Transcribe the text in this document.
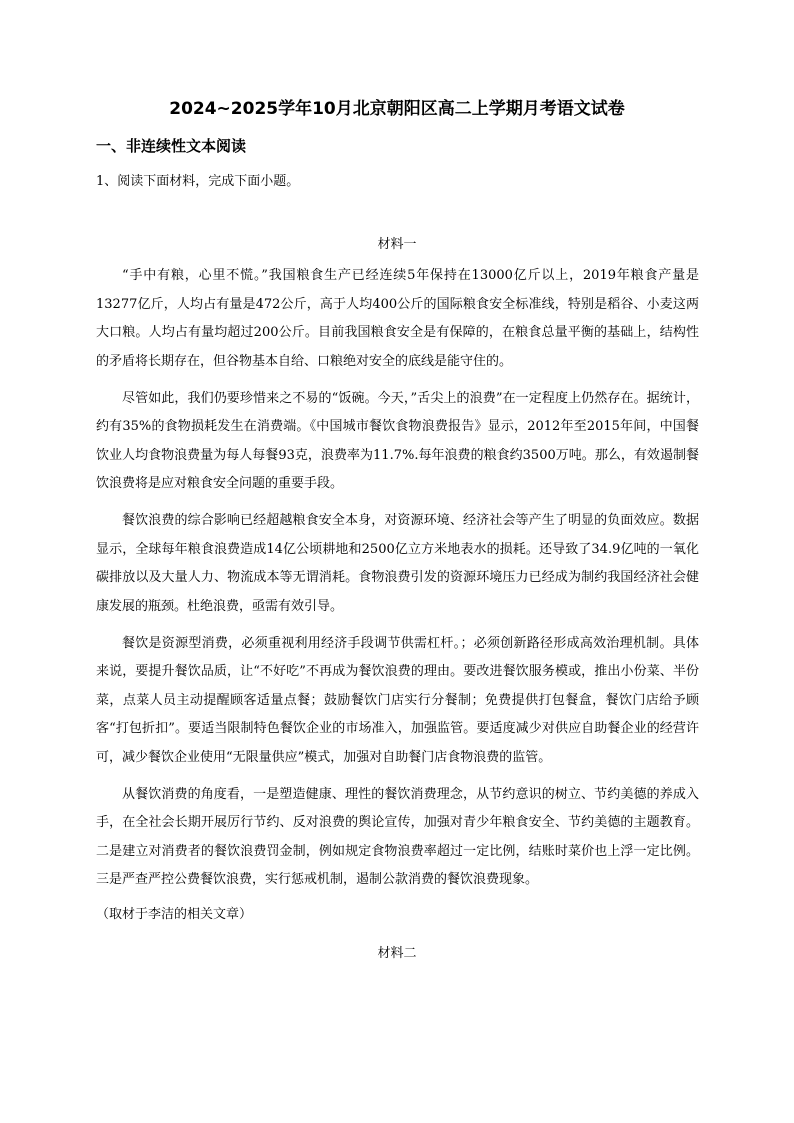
2024~2025学年10月北京朝阳区高二上学期月考语文试卷
一、非连续性文本阅读
1、阅读下面材料，完成下面小题。
材料一

“手中有粮，心里不慌。”我国粮食生产已经连续5年保持在13000亿斤以上，2019年粮食产量是13277亿斤，人均占有量是472公斤，高于人均400公斤的国际粮食安全标准线，特别是稻谷、小麦这两大口粮。人均占有量均超过200公斤。目前我国粮食安全是有保障的，在粮食总量平衡的基础上，结构性的矛盾将长期存在，但谷物基本自给、口粮绝对安全的底线是能守住的。

尽管如此，我们仍要珍惜来之不易的“饭碗。今天，”舌尖上的浪费”在一定程度上仍然存在。据统计，约有35%的食物损耗发生在消费端。《中国城市餐饮食物浪费报告》显示，2012年至2015年间，中国餐饮业人均食物浪费量为每人每餐93克，浪费率为11.7%.每年浪费的粮食约3500万吨。那么，有效遏制餐饮浪费将是应对粮食安全问题的重要手段。

餐饮浪费的综合影响已经超越粮食安全本身，对资源环境、经济社会等产生了明显的负面效应。数据显示，全球每年粮食浪费造成14亿公顷耕地和2500亿立方米地表水的损耗。还导致了34.9亿吨的一氧化碳排放以及大量人力、物流成本等无谓消耗。食物浪费引发的资源环境压力已经成为制约我国经济社会健康发展的瓶颈。杜绝浪费，亟需有效引导。

餐饮是资源型消费，必须重视利用经济手段调节供需杠杆。；必须创新路径形成高效治理机制。具体来说，要提升餐饮品质，让“不好吃”不再成为餐饮浪费的理由。要改进餐饮服务模或，推出小份菜、半份菜，点菜人员主动提醒顾客适量点餐；鼓励餐饮门店实行分餐制；免费提供打包餐盒，餐饮门店给予顾客“打包折扣”。要适当限制特色餐饮企业的市场准入，加强监管。要适度减少对供应自助餐企业的经营许可，减少餐饮企业使用“无限量供应”模式，加强对自助餐门店食物浪费的监管。

从餐饮消费的角度看，一是塑造健康、理性的餐饮消费理念，从节约意识的树立、节约美德的养成入手，在全社会长期开展厉行节约、反对浪费的舆论宣传，加强对青少年粮食安全、节约美德的主题教育。二是建立对消费者的餐饮浪费罚金制，例如规定食物浪费率超过一定比例，结账时菜价也上浮一定比例。三是严查严控公费餐饮浪费，实行惩戒机制，遏制公款消费的餐饮浪费现象。

（取材于李洁的相关文章）
材料二
